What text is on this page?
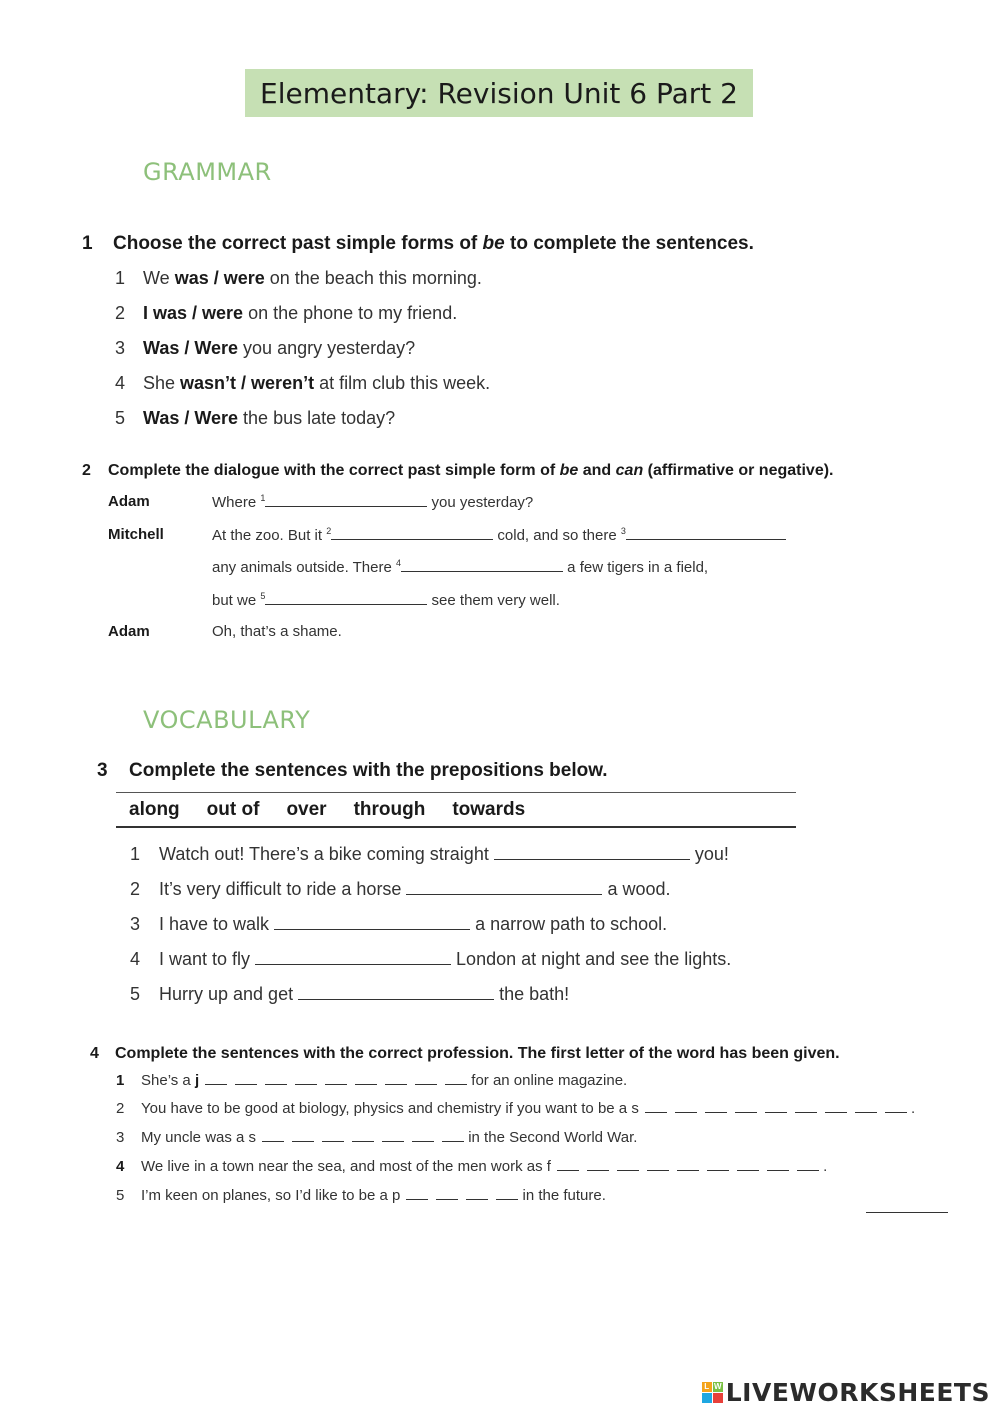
Elementary: Revision Unit 6 Part 2
GRAMMAR
1 Choose the correct past simple forms of be to complete the sentences.
1 We was / were on the beach this morning.
2 I was / were on the phone to my friend.
3 Was / Were you angry yesterday?
4 She wasn’t / weren’t at film club this week.
5 Was / Were the bus late today?
2 Complete the dialogue with the correct past simple form of be and can (affirmative or negative).
Adam	Where $^1$	you yesterday?
Mitchell	At the zoo. But it $^2$	cold, and so there $^3$
any animals outside. There $^4$	a few tigers in a field,
but we $^5$	see them very well.
Adam	Oh, that’s a shame.
VOCABULARY
3 Complete the sentences with the prepositions below.
along out of over through towards
1 Watch out! There’s a bike coming straight	you!
2 It’s very difficult to ride a horse	a wood.
3 I have to walk	a narrow path to school.
4 I want to fly	London at night and see the lights.
5 Hurry up and get	the bath!
4 Complete the sentences with the correct profession. The first letter of the word has been given.
1 She’s a j	for an online magazine.
2 You have to be good at biology, physics and chemistry if you want to be a s	.
3 My uncle was a s	in the Second World War.
4 We live in a town near the sea, and most of the men work as f	.
5 I’m keen on planes, so I’d like to be a p	in the future.
L W LIVEWORKSHEETS
